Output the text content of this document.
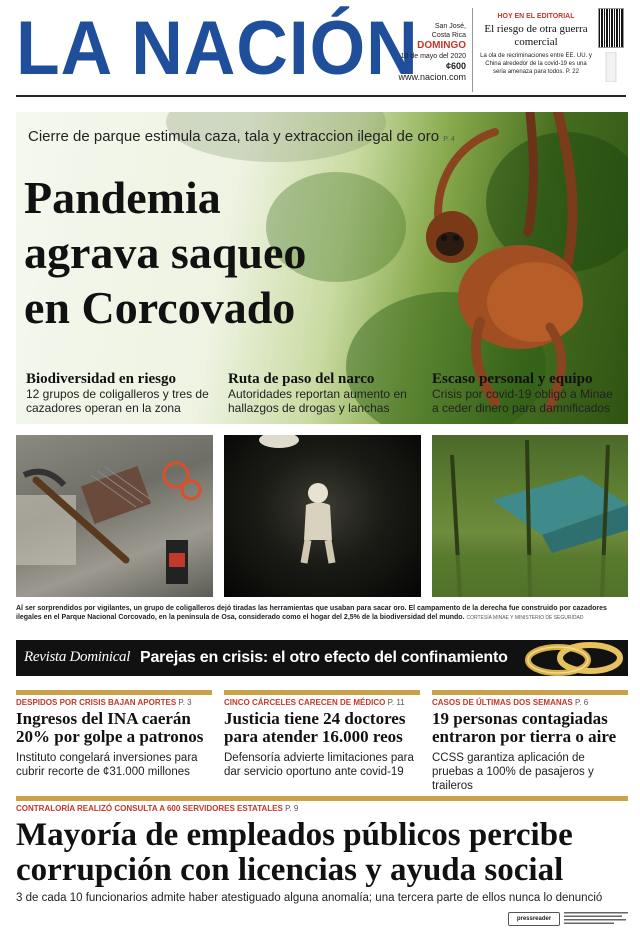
LA NACIÓN	San José,
Costa Rica
DOMINGO
10 de mayo del 2020
¢600
www.nacion.com
HOY EN EL EDITORIAL
El riesgo de otra guerra comercial
La ola de recriminaciones entre EE. UU. y China alrededor de la covid-19 es una seria amenaza para todos. P. 22
Cierre de parque estimula caza, tala y extraccion ilegal de oro P. 4
Pandemia
agrava saqueo
en Corcovado
Biodiversidad en riesgo
12 grupos de coligalleros y tres de cazadores operan en la zona
Ruta de paso del narco
Autoridades reportan aumento en hallazgos de drogas y lanchas
Escaso personal y equipo
Crisis por covid-19 obligó a Minae a ceder dinero para damnificados
Al ser sorprendidos por vigilantes, un grupo de coligalleros dejó tiradas las herramientas que usaban para sacar oro. El campamento de la derecha fue construido por cazadores ilegales en el Parque Nacional Corcovado, en la península de Osa, considerado como el hogar del 2,5% de la biodiversidad del mundo. CORTESÍA MINAE Y MINISTERIO DE SEGURIDAD
Revista Dominical Parejas en crisis: el otro efecto del confinamiento
DESPIDOS POR CRISIS BAJAN APORTES P. 3
Ingresos del INA caerán 20% por golpe a patronos
Instituto congelará inversiones para cubrir recorte de ¢31.000 millones
CINCO CÁRCELES CARECEN DE MÉDICO P. 11
Justicia tiene 24 doctores para atender 16.000 reos
Defensoría advierte limitaciones para dar servicio oportuno ante covid-19
CASOS DE ÚLTIMAS DOS SEMANAS P. 6
19 personas contagiadas entraron por tierra o aire
CCSS garantiza aplicación de pruebas a 100% de pasajeros y traileros
CONTRALORÍA REALIZÓ CONSULTA A 600 SERVIDORES ESTATALES P. 9
Mayoría de empleados públicos percibe corrupción con licencias y ayuda social
3 de cada 10 funcionarios admite haber atestiguado alguna anomalía; una tercera parte de ellos nunca lo denunció
pressreader
